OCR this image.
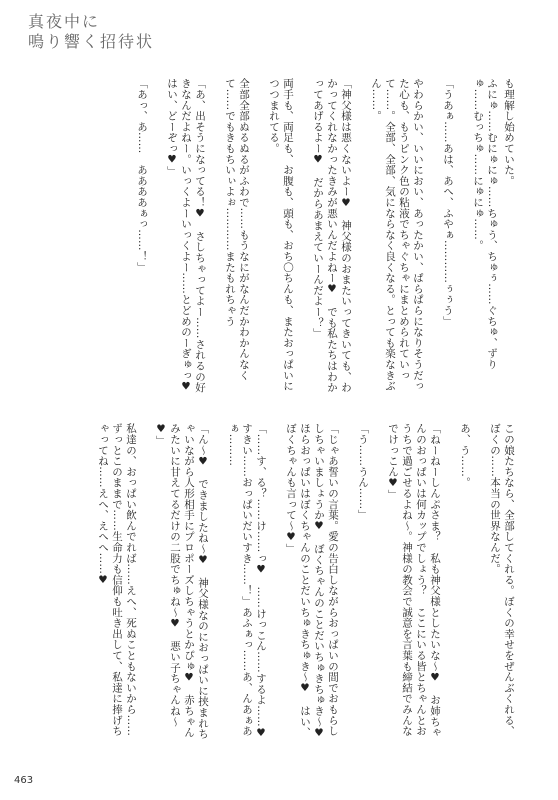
真夜中に
鳴り響く招待状
も理解し始めていた。
ふにゅ……むにゅにゅ……ちゅう、ちゅぅ……ぐちゅ、ずりゅ……むっちゅ……にゅにゅ……。
「うあぁ……あは、あへ、ふやぁ…………ぅぅう」
やわらかい、いいにおい、あったかい、ぱらぱらになりそうだった心も、もうピンク色の粘液でちゃぐちゃにまとめられていって……。全部、全部、気にならなく良くなる。とっても楽なきぶん……。
「神父様は悪くないよー♥　神父様のおまたいってきいても、わかってくれなかったきみが悪いんだよねー♥　でも私たちはわかってあげるよー♥　だからあまえていーんだよー？」
両手も、両足も、お腹も、頭も、おち〇ちんも、またおっぱいにつつまれてる。
全部全部ぬるぬるがふわで……もうなにがなんだかわかんなくて……でもきもちいぃよぉ…………またもれちゃう
「あ、出そうになってる！♥　さしちゃってよー……されるの好きなんだよねー。いっくよーいっくよー……とどめのーぎゅっ♥　はい、どーぞっ♥」
「あっ、あ……　ああああぁっ……！」
この娘たちなら、全部してくれる。ぼくの幸せをぜんぶくれる、ぼくの……本当の世界なんだ。
あ、う……。
「ねーねーしんぷさま？　私も神父様としたいな〜♥　お姉ちゃんのおっぱいは何カップでしょう？　ここにいる皆とちゃんとおうちで過ごせるよね〜。神様の教会で誠意を言葉も締結でみんなでけっこん♥」
「う……うん……」
「じゃあ誓いの言葉。愛の告白しながらおっぱいの間でおもらししちゃいましょうか♥　ぼくちゃんのことだいちゅきちゅき〜♥　ほらおっぱいはぼくちゃんのことだいちゅきちゅき〜♥　はい、ぼくちゃんも言って〜♥」
「……す、る？……け……っ♥　……けっこん……するよ……♥　すきい……おっぱいだいすき……！」あふぁっ……あ、んあぁあぁ………
「ん〜♥　できましたね〜♥　神父様なのにおっぱいに挟まれちゃいながら人形相手にプロポーズしちゃうとかぴゅ♥　赤ちゃんみたいに甘えてるだけの二股でちゅね〜♥　悪い子ちゃんね〜♥」
私達の、おっぱい飲んでれば……えへ、死ぬこともないから……ずっとこのままで……生命力も信仰も吐き出して、私達に捧げちゃってね……えへ、えへへ……♥
463
